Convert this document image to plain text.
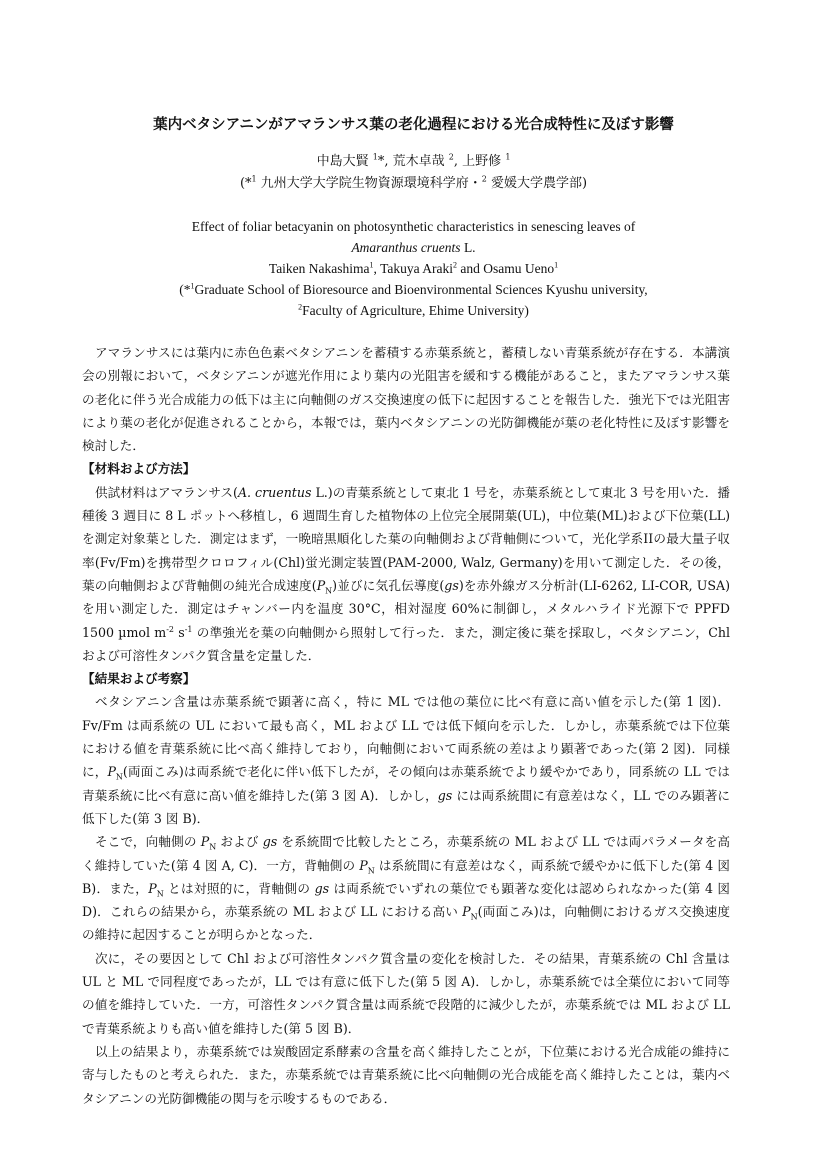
葉内ベタシアニンがアマランサス葉の老化過程における光合成特性に及ぼす影響
中島大賢 $^1$*, 荒木卓哉 $^2$, 上野修 $^1$
(*$^1$ 九州大学大学院生物資源環境科学府・$^2$ 愛媛大学農学部)
Effect of foliar betacyanin on photosynthetic characteristics in senescing leaves of
Amaranthus cruents L.
Taiken Nakashima$^1$, Takuya Araki$^2$ and Osamu Ueno$^1$
(*$^1$Graduate School of Bioresource and Bioenvironmental Sciences Kyushu university,
$^2$Faculty of Agriculture, Ehime University)

アマランサスには葉内に赤色色素ベタシアニンを蓄積する赤葉系統と，蓄積しない青葉系統が存在する．本講演会の別報において，ベタシアニンが遮光作用により葉内の光阻害を緩和する機能があること，またアマランサス葉の老化に伴う光合成能力の低下は主に向軸側のガス交換速度の低下に起因することを報告した．強光下では光阻害により葉の老化が促進されることから，本報では，葉内ベタシアニンの光防御機能が葉の老化特性に及ぼす影響を検討した．

【材料および方法】

供試材料はアマランサス(A. cruentus L.)の青葉系統として東北 1 号を，赤葉系統として東北 3 号を用いた．播種後 3 週目に 8 L ポットへ移植し，6 週間生育した植物体の上位完全展開葉(UL)，中位葉(ML)および下位葉(LL)を測定対象葉とした．測定はまず，一晩暗黒順化した葉の向軸側および背軸側について，光化学系IIの最大量子収率(Fv/Fm)を携帯型クロロフィル(Chl)蛍光測定装置(PAM-2000, Walz, Germany)を用いて測定した．その後，葉の向軸側および背軸側の純光合成速度$(P_N)$並びに気孔伝導度(gs)を赤外線ガス分析計(LI-6262, LI-COR, USA)を用い測定した．測定はチャンバー内を温度 30°C，相対湿度 60%に制御し，メタルハライド光源下で PPFD 1500 µmol $m^{-2}$ $s^{-1}$ の準強光を葉の向軸側から照射して行った．また，測定後に葉を採取し，ベタシアニン，Chl および可溶性タンパク質含量を定量した．

【結果および考察】

ベタシアニン含量は赤葉系統で顕著に高く，特に ML では他の葉位に比べ有意に高い値を示した(第 1 図)．Fv/Fm は両系統の UL において最も高く，ML および LL では低下傾向を示した．しかし，赤葉系統では下位葉における値を青葉系統に比べ高く維持しており，向軸側において両系統の差はより顕著であった(第 2 図)．同様に，$P_N$(両面こみ)は両系統で老化に伴い低下したが，その傾向は赤葉系統でより緩やかであり，同系統の LL では青葉系統に比べ有意に高い値を維持した(第 3 図 A)．しかし，gs には両系統間に有意差はなく，LL でのみ顕著に低下した(第 3 図 B)．

そこで，向軸側の $P_N$ および gs を系統間で比較したところ，赤葉系統の ML および LL では両パラメータを高く維持していた(第 4 図 A, C)．一方，背軸側の $P_N$ は系統間に有意差はなく，両系統で緩やかに低下した(第 4 図 B)．また，$P_N$ とは対照的に，背軸側の gs は両系統でいずれの葉位でも顕著な変化は認められなかった(第 4 図 D)．これらの結果から，赤葉系統の ML および LL における高い $P_N$(両面こみ)は，向軸側におけるガス交換速度の維持に起因することが明らかとなった．

次に，その要因として Chl および可溶性タンパク質含量の変化を検討した．その結果，青葉系統の Chl 含量は UL と ML で同程度であったが，LL では有意に低下した(第 5 図 A)．しかし，赤葉系統では全葉位において同等の値を維持していた．一方，可溶性タンパク質含量は両系統で段階的に減少したが，赤葉系統では ML および LL で青葉系統よりも高い値を維持した(第 5 図 B)．

以上の結果より，赤葉系統では炭酸固定系酵素の含量を高く維持したことが，下位葉における光合成能の維持に寄与したものと考えられた．また，赤葉系統では青葉系統に比べ向軸側の光合成能を高く維持したことは，葉内ベタシアニンの光防御機能の関与を示唆するものである．
